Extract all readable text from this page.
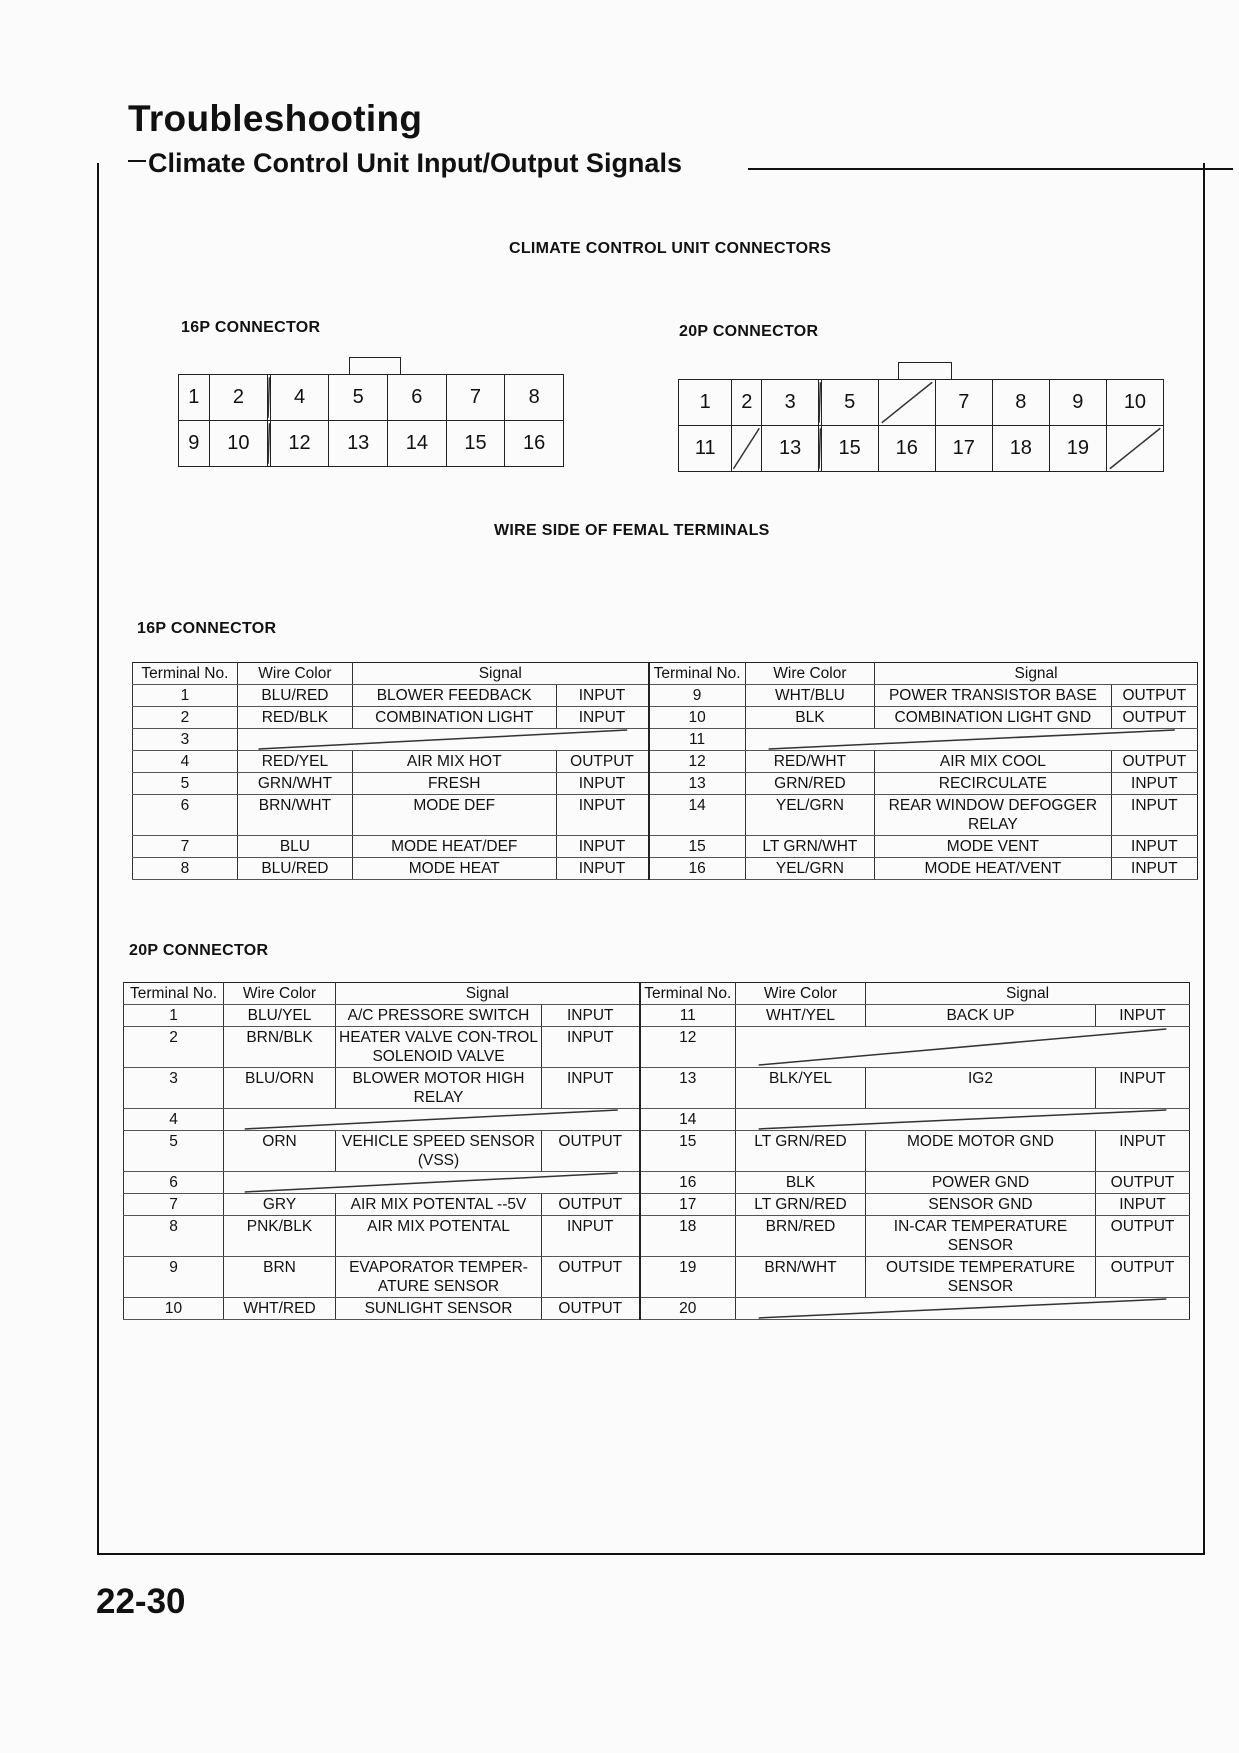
Troubleshooting
Climate Control Unit Input/Output Signals
CLIMATE CONTROL UNIT CONNECTORS
16P CONNECTOR	20P CONNECTOR
1	2		4	5	6	7	8
9	10		12	13	14	15	16
1	2	3		5		7	8	9	10
11		13		15	16	17	18	19	
WIRE SIDE OF FEMAL TERMINALS
16P CONNECTOR
Terminal No.	Wire Color	Signal		Terminal No.	Wire Color	Signal	
1	BLU/RED	BLOWER FEEDBACK	INPUT	9	WHT/BLU	POWER TRANSISTOR BASE	OUTPUT
2	RED/BLK	COMBINATION LIGHT	INPUT	10	BLK	COMBINATION LIGHT GND	OUTPUT
3				11	

4	RED/YEL	AIR MIX HOT	OUTPUT	12	RED/WHT	AIR MIX COOL	OUTPUT
5	GRN/WHT	FRESH	INPUT	13	GRN/RED	RECIRCULATE	INPUT
6	BRN/WHT	MODE DEF	INPUT	14	YEL/GRN	REAR WINDOW DEFOGGER RELAY	INPUT
7	BLU	MODE HEAT/DEF	INPUT	15	LT GRN/WHT	MODE VENT	INPUT
8	BLU/RED	MODE HEAT	INPUT	16	YEL/GRN	MODE HEAT/VENT	INPUT
20P CONNECTOR
Terminal No.	Wire Color	Signal		Terminal No.	Wire Color	Signal	
1	BLU/YEL	A/C PRESSORE SWITCH	INPUT	11	WHT/YEL	BACK UP	INPUT
2	BRN/BLK	HEATER VALVE CON-TROL SOLENOID VALVE	INPUT	12	

3	BLU/ORN	BLOWER MOTOR HIGH RELAY	INPUT	13	BLK/YEL	IG2	INPUT
4				14	

5	ORN	VEHICLE SPEED SENSOR (VSS)	OUTPUT	15	LT GRN/RED	MODE MOTOR GND	INPUT
6				16	BLK	POWER GND	OUTPUT
7	GRY	AIR MIX POTENTAL --5V	OUTPUT	17	LT GRN/RED	SENSOR GND	INPUT
8	PNK/BLK	AIR MIX POTENTAL	INPUT	18	BRN/RED	IN-CAR TEMPERATURE SENSOR	OUTPUT
9	BRN	EVAPORATOR TEMPER-ATURE SENSOR	OUTPUT	19	BRN/WHT	OUTSIDE TEMPERATURE SENSOR	OUTPUT
10	WHT/RED	SUNLIGHT SENSOR	OUTPUT	20	
22-30
